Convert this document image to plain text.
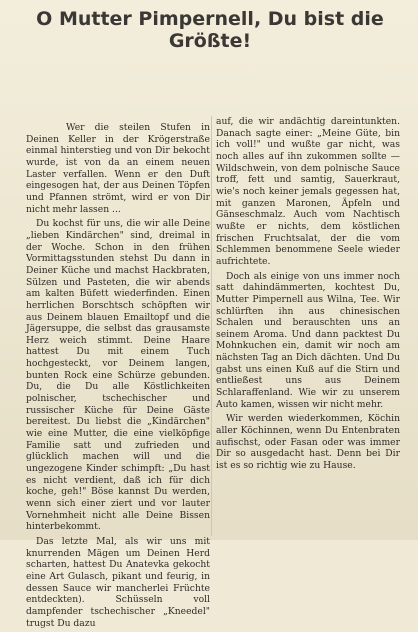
O Mutter Pimpernell, Du bist die
Größte!

Wer die steilen Stufen in Deinen Keller in der Krögerstraße einmal hinterstieg und von Dir bekocht wurde, ist von da an einem neuen Laster verfallen. Wenn er den Duft eingesogen hat, der aus Deinen Töpfen und Pfannen strömt, wird er von Dir nicht mehr lassen ...

Du kochst für uns, die wir alle Deine „lieben Kindärchen" sind, dreimal in der Woche. Schon in den frühen Vormittagsstunden stehst Du dann in Deiner Küche und machst Hackbraten, Sülzen und Pasteten, die wir abends am kalten Büfett wiederfinden. Einen herrlichen Borschtsch schöpften wir aus Deinem blauen Emailtopf und die Jägersuppe, die selbst das grausamste Herz weich stimmt. Deine Haare hattest Du mit einem Tuch hochgesteckt, vor Deinem langen, bunten Rock eine Schürze gebunden. Du, die Du alle Köstlichkeiten polnischer, tschechischer und russischer Küche für Deine Gäste bereitest. Du liebst die „Kindärchen" wie eine Mutter, die eine vielköpfige Familie satt und zufrieden und glücklich machen will und die ungezogene Kinder schimpft: „Du hast es nicht verdient, daß ich für dich koche, geh!" Böse kannst Du werden, wenn sich einer ziert und vor lauter Vornehmheit nicht alle Deine Bissen hinterbekommt.

Das letzte Mal, als wir uns mit knurrenden Mägen um Deinen Herd scharten, hattest Du Anatevka gekocht eine Art Gulasch, pikant und feurig, in dessen Sauce wir mancherlei Früchte entdeckten). Schüsseln voll dampfender tschechischer „Kneedel" trugst Du dazu

auf, die wir andächtig dareintunkten. Danach sagte einer: „Meine Güte, bin ich voll!" und wußte gar nicht, was noch alles auf ihn zukommen sollte — Wildschwein, von dem polnische Sauce troff, fett und samtig, Sauerkraut, wie's noch keiner jemals gegessen hat, mit ganzen Maronen, Äpfeln und Gänseschmalz. Auch vom Nachtisch wußte er nichts, dem köstlichen frischen Fruchtsalat, der die vom Schlemmen benommene Seele wieder aufrichtete.

Doch als einige von uns immer noch satt dahindämmerten, kochtest Du, Mutter Pimpernell aus Wilna, Tee. Wir schlürften ihn aus chinesischen Schalen und berauschten uns an seinem Aroma. Und dann packtest Du Mohnkuchen ein, damit wir noch am nächsten Tag an Dich dächten. Und Du gabst uns einen Kuß auf die Stirn und entließest uns aus Deinem Schlaraffenland. Wie wir zu unserem Auto kamen, wissen wir nicht mehr.

Wir werden wiederkommen, Köchin aller Köchinnen, wenn Du Entenbraten aufischst, oder Fasan oder was immer Dir so ausgedacht hast. Denn bei Dir ist es so richtig wie zu Hause.
